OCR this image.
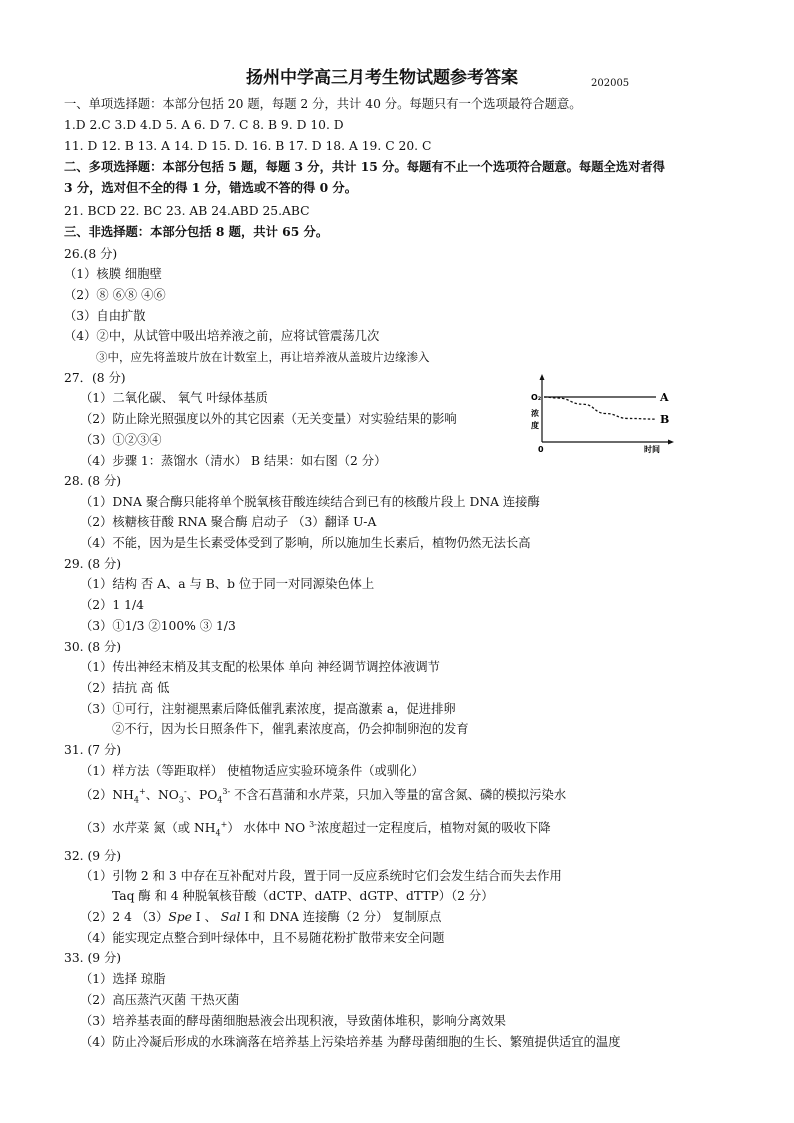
扬州中学高三月考生物试题参考答案	202005
一、单项选择题：本部分包括 20 题，每题 2 分，共计 40 分。每题只有一个选项最符合题意。
1.D 2.C 3.D 4.D 5. A 6. D 7. C 8. B 9. D 10. D
11. D 12. B 13. A 14. D 15. D. 16. B 17. D 18. A 19. C 20. C
二、多项选择题：本部分包括 5 题，每题 3 分，共计 15 分。每题有不止一个选项符合题意。每题全选对者得
3 分，选对但不全的得 1 分，错选或不答的得 0 分。
21. BCD 22. BC 23. AB 24.ABD 25.ABC
三、非选择题：本部分包括 8 题，共计 65 分。
26.(8 分)
（1）核膜 细胞壁
（2）⑧ ⑥⑧ ④⑥
（3）自由扩散
（4）②中，从试管中吸出培养液之前，应将试管震荡几次
③中，应先将盖玻片放在计数室上，再让培养液从盖玻片边缘渗入
27．(8 分)
（1）二氧化碳、 氧气 叶绿体基质
（2）防止除光照强度以外的其它因素（无关变量）对实验结果的影响
（3）①②③④
（4）步骤 1：蒸馏水（清水） B 结果：如右图（2 分）
O₂
浓度
0	时间
A
B
28. (8 分)
（1）DNA 聚合酶只能将单个脱氧核苷酸连续结合到已有的核酸片段上 DNA 连接酶
（2）核糖核苷酸 RNA 聚合酶 启动子 （3）翻译 U-A
（4）不能，因为是生长素受体受到了影响，所以施加生长素后，植物仍然无法长高
29. (8 分)
（1）结构 否 A、a 与 B、b 位于同一对同源染色体上
（2）1 1/4
（3）①1/3 ②100% ③ 1/3
30. (8 分)
（1）传出神经末梢及其支配的松果体 单向 神经调节调控体液调节
（2）拮抗 高 低
（3）①可行，注射褪黑素后降低催乳素浓度，提高激素 a，促进排卵
②不行，因为长日照条件下，催乳素浓度高，仍会抑制卵泡的发育
31. (7 分)
（1）样方法（等距取样） 使植物适应实验环境条件（或驯化）
$(2)NH_4^+$、$NO_3^-$、$PO_4^{3-}$ 不含石菖蒲和水芹菜，只加入等量的富含氮、磷的模拟污染水
（3）水芹菜 氮（或 $NH_4^+$） 水体中 NO $^{3-}$浓度超过一定程度后，植物对氮的吸收下降
32. (9 分)
（1）引物 2 和 3 中存在互补配对片段，置于同一反应系统时它们会发生结合而失去作用
Taq 酶 和 4 种脱氧核苷酸（dCTP、dATP、dGTP、dTTP）（2 分）
（2）2 4 （3）Spe I 、 Sal I 和 DNA 连接酶（2 分） 复制原点
（4）能实现定点整合到叶绿体中，且不易随花粉扩散带来安全问题
33. (9 分)
（1）选择 琼脂
（2）高压蒸汽灭菌 干热灭菌
（3）培养基表面的酵母菌细胞悬液会出现积液，导致菌体堆积，影响分离效果
（4）防止冷凝后形成的水珠滴落在培养基上污染培养基 为酵母菌细胞的生长、繁殖提供适宜的温度
